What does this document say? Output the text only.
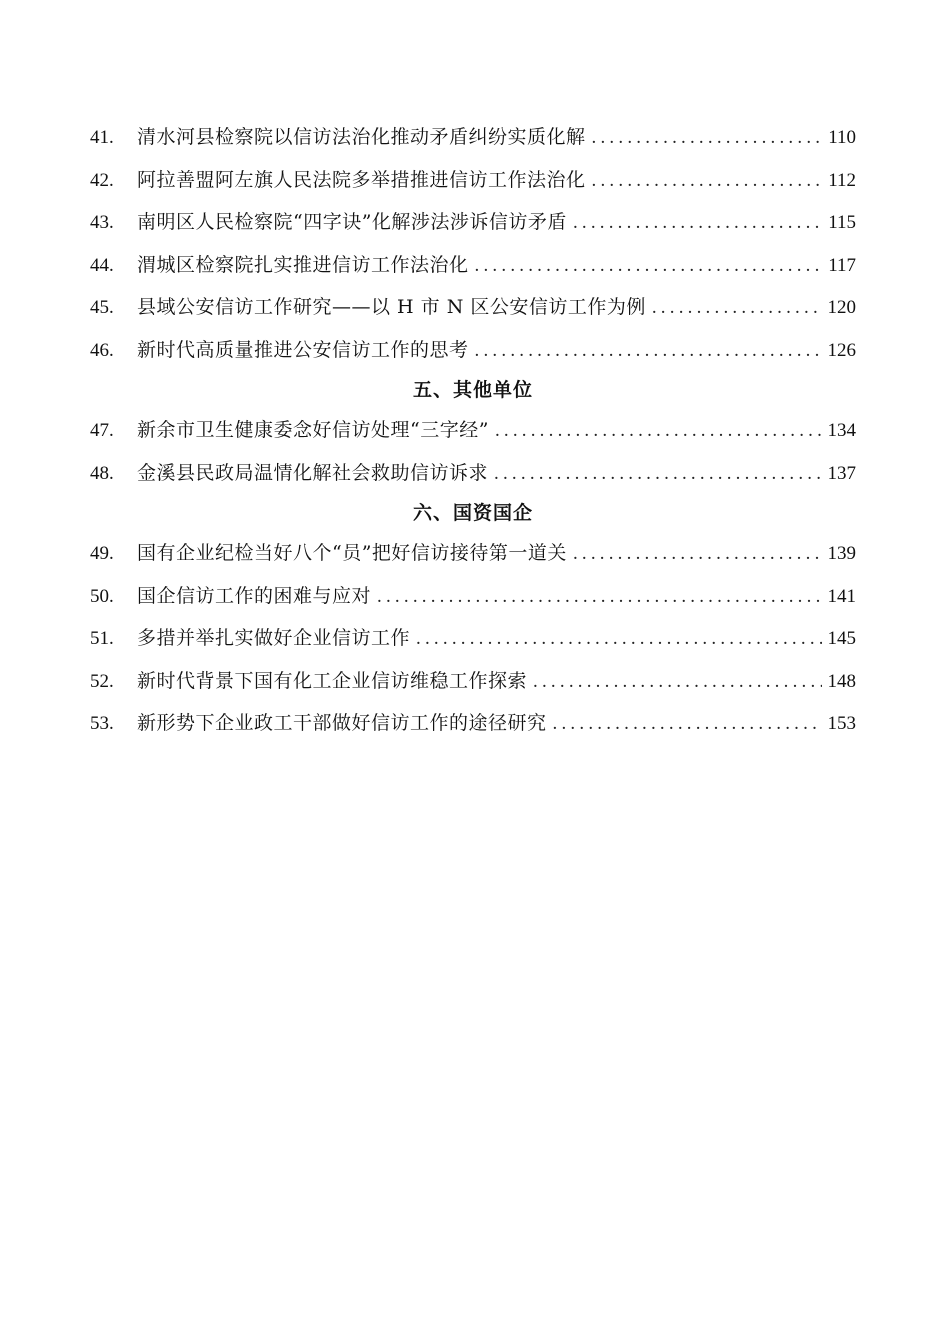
41.	清水河县检察院以信访法治化推动矛盾纠纷实质化解 .....	110
42.	阿拉善盟阿左旗人民法院多举措推进信访工作法治化 .....	112
43.	南明区人民检察院“四字诀”化解涉法涉诉信访矛盾 .....	115
44.	渭城区检察院扎实推进信访工作法治化 .....	117
45.	县域公安信访工作研究——以 H 市 N 区公安信访工作为例 .....	120
46.	新时代高质量推进公安信访工作的思考 .....	126
五、其他单位
47.	新余市卫生健康委念好信访处理“三字经” .....	134
48.	金溪县民政局温情化解社会救助信访诉求 .....	137
六、国资国企
49.	国有企业纪检当好八个“员”把好信访接待第一道关 .....	139
50.	国企信访工作的困难与应对 .....	141
51.	多措并举扎实做好企业信访工作 .....	145
52.	新时代背景下国有化工企业信访维稳工作探索 .....	148
53.	新形势下企业政工干部做好信访工作的途径研究 .....	153
